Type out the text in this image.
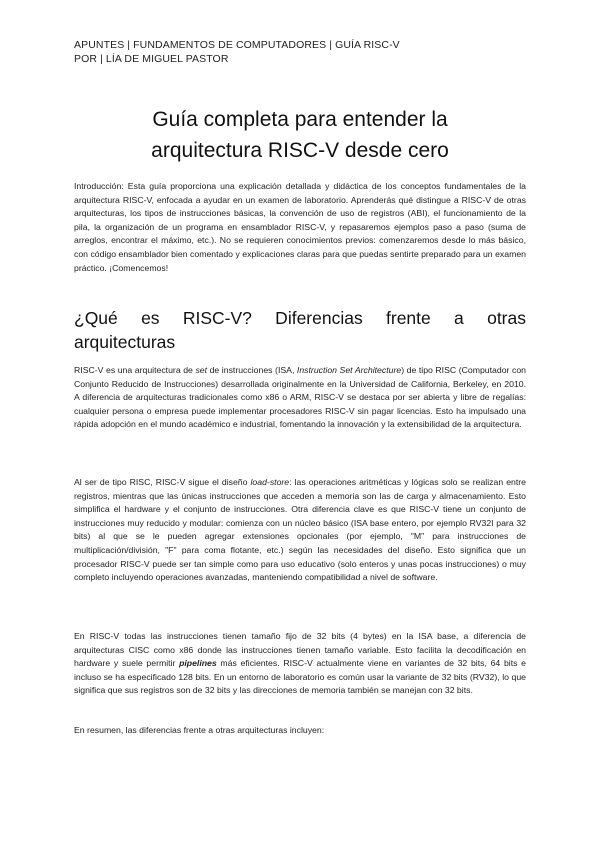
APUNTES | FUNDAMENTOS DE COMPUTADORES | GUÍA RISC-V
POR | LÍA DE MIGUEL PASTOR
Guía completa para entender la
arquitectura RISC-V desde cero

Introducción: Esta guía proporciona una explicación detallada y didáctica de los conceptos fundamentales de la arquitectura RISC-V, enfocada a ayudar en un examen de laboratorio. Aprenderás qué distingue a RISC-V de otras arquitecturas, los tipos de instrucciones básicas, la convención de uso de registros (ABI), el funcionamiento de la pila, la organización de un programa en ensamblador RISC-V, y repasaremos ejemplos paso a paso (suma de arreglos, encontrar el máximo, etc.). No se requieren conocimientos previos: comenzaremos desde lo más básico, con código ensamblador bien comentado y explicaciones claras para que puedas sentirte preparado para un examen práctico. ¡Comencemos!

¿Qué es RISC-V? Diferencias frente a otras
arquitecturas

RISC-V es una arquitectura de set de instrucciones (ISA, Instruction Set Architecture) de tipo RISC (Computador con Conjunto Reducido de Instrucciones) desarrollada originalmente en la Universidad de California, Berkeley, en 2010. A diferencia de arquitecturas tradicionales como x86 o ARM, RISC-V se destaca por ser abierta y libre de regalías: cualquier persona o empresa puede implementar procesadores RISC-V sin pagar licencias. Esto ha impulsado una rápida adopción en el mundo académico e industrial, fomentando la innovación y la extensibilidad de la arquitectura.

Al ser de tipo RISC, RISC-V sigue el diseño load-store: las operaciones aritméticas y lógicas solo se realizan entre registros, mientras que las únicas instrucciones que acceden a memoria son las de carga y almacenamiento. Esto simplifica el hardware y el conjunto de instrucciones. Otra diferencia clave es que RISC-V tiene un conjunto de instrucciones muy reducido y modular: comienza con un núcleo básico (ISA base entero, por ejemplo RV32I para 32 bits) al que se le pueden agregar extensiones opcionales (por ejemplo, "M" para instrucciones de multiplicación/división, "F" para coma flotante, etc.) según las necesidades del diseño. Esto significa que un procesador RISC-V puede ser tan simple como para uso educativo (solo enteros y unas pocas instrucciones) o muy completo incluyendo operaciones avanzadas, manteniendo compatibilidad a nivel de software.

En RISC-V todas las instrucciones tienen tamaño fijo de 32 bits (4 bytes) en la ISA base, a diferencia de arquitecturas CISC como x86 donde las instrucciones tienen tamaño variable. Esto facilita la decodificación en hardware y suele permitir pipelines más eficientes. RISC-V actualmente viene en variantes de 32 bits, 64 bits e incluso se ha especificado 128 bits. En un entorno de laboratorio es común usar la variante de 32 bits (RV32), lo que significa que sus registros son de 32 bits y las direcciones de memoria también se manejan con 32 bits.

En resumen, las diferencias frente a otras arquitecturas incluyen:
